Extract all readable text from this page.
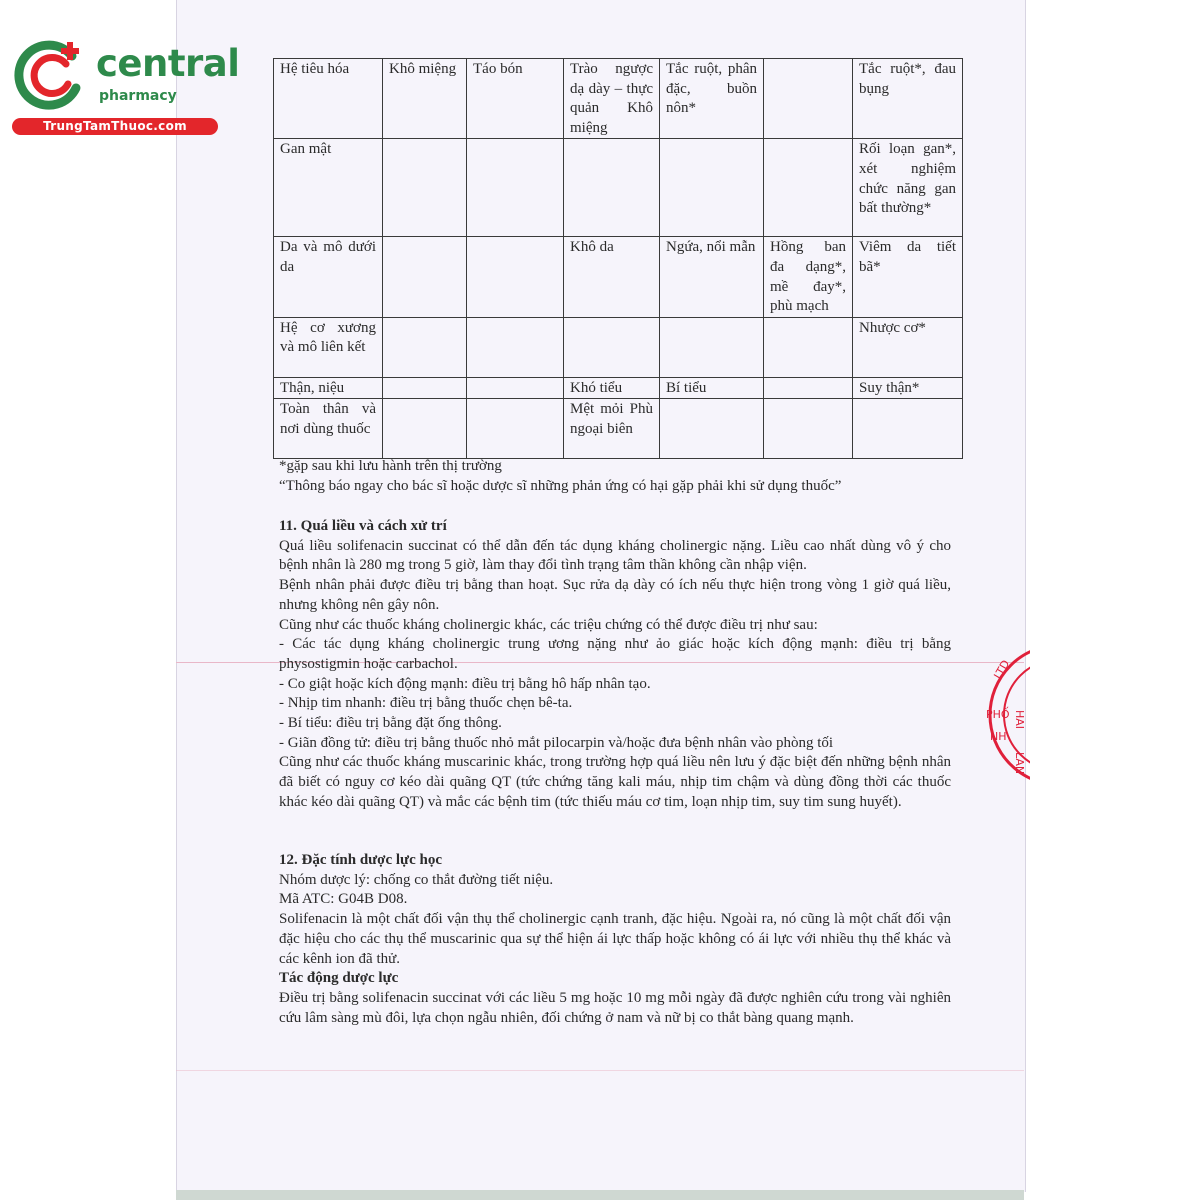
central
pharmacy
TrungTamThuoc.com
Hệ tiêu hóa	Khô miệng	Táo bón	Trào ngược dạ dày – thực quản Khô miệng	Tắc ruột, phân đặc, buồn nôn*		Tắc ruột*, đau bụng
Gan mật						Rối loạn gan*, xét nghiệm chức năng gan bất thường*
Da và mô dưới da			Khô da	Ngứa, nổi mẫn	Hồng ban đa dạng*, mề đay*, phù mạch	Viêm da tiết bã*
Hệ cơ xương và mô liên kết						Nhược cơ*
Thận, niệu			Khó tiểu	Bí tiểu		Suy thận*
Toàn thân và nơi dùng thuốc			Mệt mỏi Phù ngoại biên			
*gặp sau khi lưu hành trên thị trường
“Thông báo ngay cho bác sĩ hoặc dược sĩ những phản ứng có hại gặp phải khi sử dụng thuốc”

11. Quá liều và cách xử trí

Quá liều solifenacin succinat có thể dẫn đến tác dụng kháng cholinergic nặng. Liều cao nhất dùng vô ý cho bệnh nhân là 280 mg trong 5 giờ, làm thay đổi tình trạng tâm thần không cần nhập viện.

Bệnh nhân phải được điều trị bằng than hoạt. Sục rửa dạ dày có ích nếu thực hiện trong vòng 1 giờ quá liều, nhưng không nên gây nôn.

Cũng như các thuốc kháng cholinergic khác, các triệu chứng có thể được điều trị như sau:

- Các tác dụng kháng cholinergic trung ương nặng như ảo giác hoặc kích động mạnh: điều trị bằng physostigmin hoặc carbachol.

- Co giật hoặc kích động mạnh: điều trị bằng hô hấp nhân tạo.

- Nhịp tim nhanh: điều trị bằng thuốc chẹn bê-ta.

- Bí tiểu: điều trị bằng đặt ống thông.

- Giãn đồng tử: điều trị bằng thuốc nhỏ mắt pilocarpin và/hoặc đưa bệnh nhân vào phòng tối

Cũng như các thuốc kháng muscarinic khác, trong trường hợp quá liều nên lưu ý đặc biệt đến những bệnh nhân đã biết có nguy cơ kéo dài quãng QT (tức chứng tăng kali máu, nhịp tim chậm và dùng đồng thời các thuốc khác kéo dài quãng QT) và mắc các bệnh tim (tức thiếu máu cơ tim, loạn nhịp tim, suy tim sung huyết).

12. Đặc tính dược lực học

Nhóm dược lý: chống co thắt đường tiết niệu.

Mã ATC: G04B D08.

Solifenacin là một chất đối vận thụ thể cholinergic cạnh tranh, đặc hiệu. Ngoài ra, nó cũng là một chất đối vận đặc hiệu cho các thụ thể muscarinic qua sự thể hiện ái lực thấp hoặc không có ái lực với nhiều thụ thể khác và các kênh ion đã thử.

Tác động dược lực

Điều trị bằng solifenacin succinat với các liều 5 mg hoặc 10 mg mỗi ngày đã được nghiên cứu trong vài nghiên cứu lâm sàng mù đôi, lựa chọn ngẫu nhiên, đối chứng ở nam và nữ bị co thắt bàng quang mạnh.

LTD
PHỐ
NH
HAI
LAN
